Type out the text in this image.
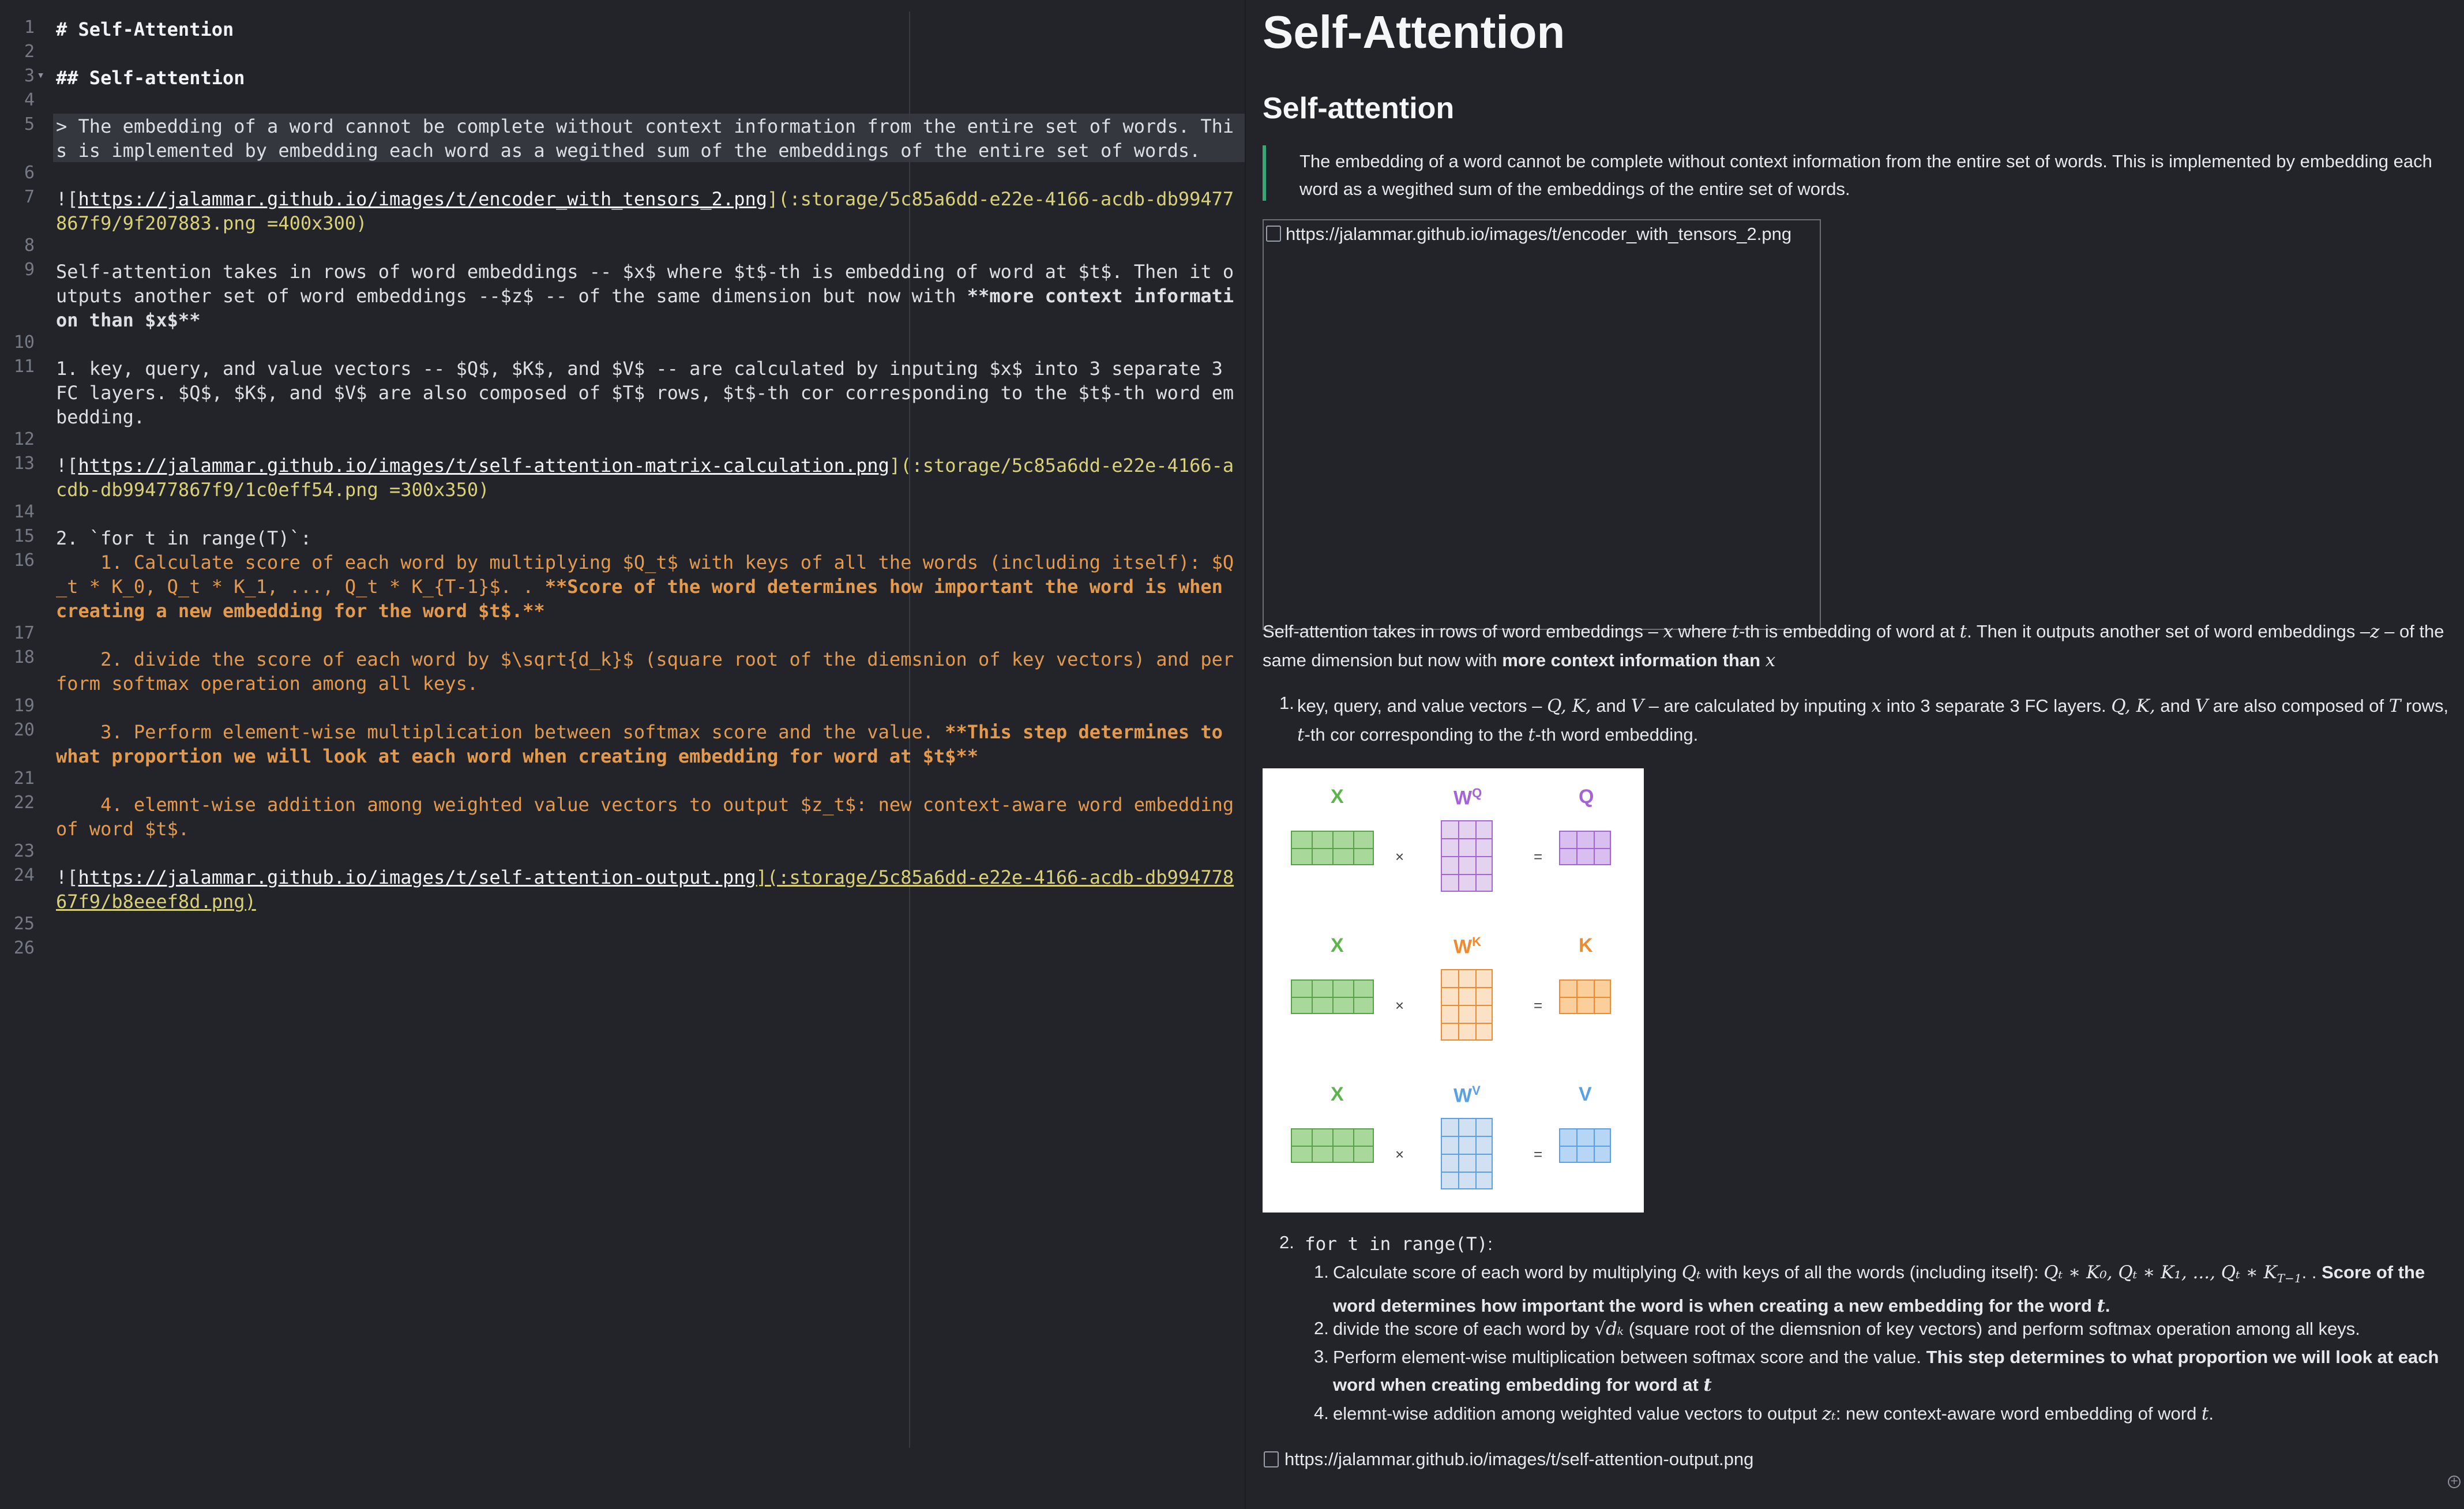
1 # Self-Attention
2
3 ▾ ## Self-attention
4
5 > The embedding of a word cannot be complete without context information from the entire set of words. This is implemented by embedding each word as a wegithed sum of the embeddings of the entire set of words.
6
7 ![https://jalammar.github.io/images/t/encoder_with_tensors_2.png](:storage/5c85a6dd-e22e-4166-acdb-db99477867f9/9f207883.png =400x300)
8
9 Self-attention takes in rows of word embeddings -- $x$ where $t$-th is embedding of word at $t$. Then it outputs another set of word embeddings --$z$ -- of the same dimension but now with **more context information than $x$**
10
11 1. key, query, and value vectors -- $Q$, $K$, and $V$ -- are calculated by inputing $x$ into 3 separate 3 FC layers. $Q$, $K$, and $V$ are also composed of $T$ rows, $t$-th cor corresponding to the $t$-th word embedding.
12
13 ![https://jalammar.github.io/images/t/self-attention-matrix-calculation.png](:storage/5c85a6dd-e22e-4166-acdb-db99477867f9/1c0eff54.png =300x350)
14
15 2. `for t in range(T)`:
16 1. Calculate score of each word by multiplying $Q_t$ with keys of all the words (including itself): $Q_t * K_0, Q_t * K_1, ..., Q_t * K_{T-1}$. . **Score of the word determines how important the word is when creating a new embedding for the word $t$.**
17
18 2. divide the score of each word by $\sqrt{d_k}$ (square root of the diemsnion of key vectors) and perform softmax operation among all keys.
19
20 3. Perform element-wise multiplication between softmax score and the value. **This step determines to what proportion we will look at each word when creating embedding for word at $t$**
21
22 4. elemnt-wise addition among weighted value vectors to output $z_t$: new context-aware word embedding of word $t$.
23
24 ![https://jalammar.github.io/images/t/self-attention-output.png](:storage/5c85a6dd-e22e-4166-acdb-db99477867f9/b8eeef8d.png)
25
26
Self-Attention
Self-attention
The embedding of a word cannot be complete without context information from the entire set of words. This is implemented by embedding each word as a wegithed sum of the embeddings of the entire set of words.
https://jalammar.github.io/images/t/encoder_with_tensors_2.png
Self-attention takes in rows of word embeddings – x where t-th is embedding of word at t. Then it outputs another set of word embeddings –z – of the same dimension but now with more context information than x
1. key, query, and value vectors – Q, K, and V – are calculated by inputing x into 3 separate 3 FC layers. Q, K, and V are also composed of T rows,
t-th cor corresponding to the t-th word embedding.
X	$W^Q$	Q
×	=
X	$W^K$	K
×	=
X	$W^V$	V
×	=
2. for t in range(T):
1. Calculate score of each word by multiplying Qₜ with keys of all the words (including itself): Qₜ ∗ K₀, Qₜ ∗ K₁, ..., Qₜ ∗ $K_{T-1}$. . Score of the word determines how important the word is when creating a new embedding for the word t.
2. divide the score of each word by √dₖ (square root of the diemsnion of key vectors) and perform softmax operation among all keys.
3. Perform element-wise multiplication between softmax score and the value. This step determines to what proportion we will look at each word when creating embedding for word at t
4. elemnt-wise addition among weighted value vectors to output zₜ: new context-aware word embedding of word t.
https://jalammar.github.io/images/t/self-attention-output.png
+
